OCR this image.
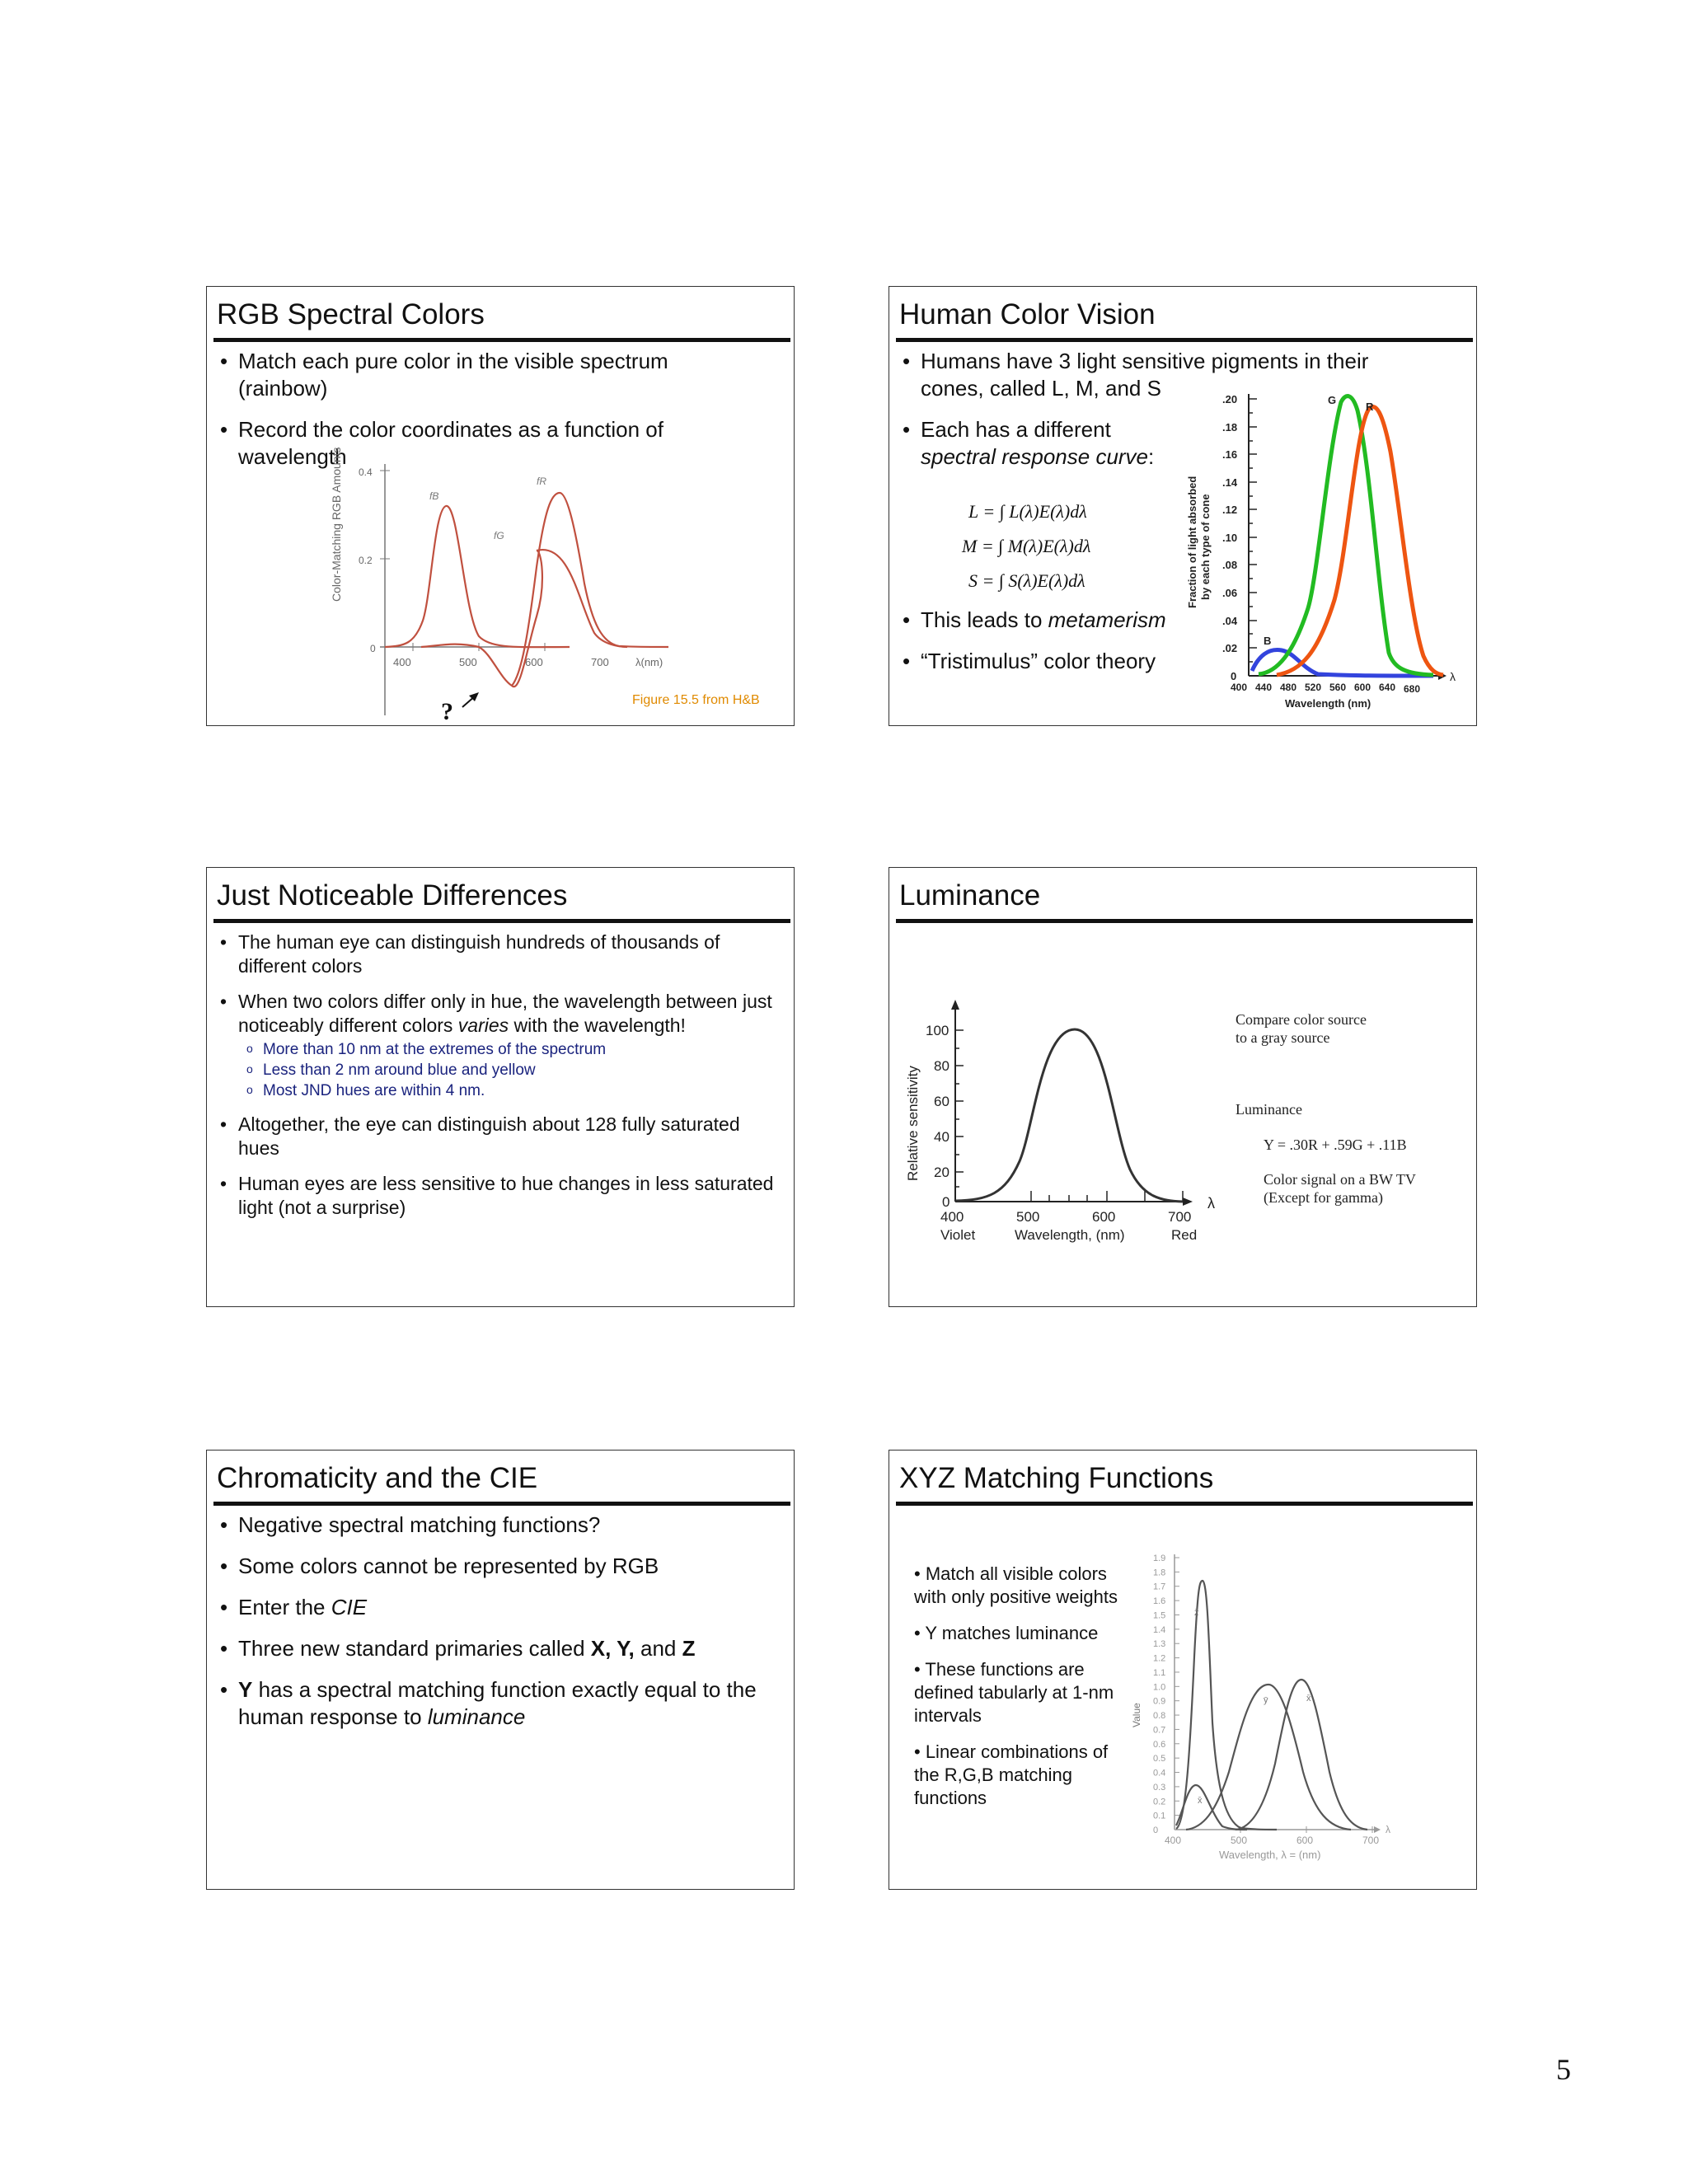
RGB Spectral Colors
• Match each pure color in the visible spectrum (rainbow)
• Record the color coordinates as a function of wavelength
0.4
0.2
0
400	500	600	700 λ(nm)
Color-Matching RGB Amounts	fB
fG
fR
?	Figure 15.5 from H&B
Human Color Vision
• Humans have 3 light sensitive pigments in their
cones, called L, M, and S
• Each has a different
spectral response curve:
L = ∫ L(λ)E(λ)dλ
M = ∫ M(λ)E(λ)dλ
S = ∫ S(λ)E(λ)dλ
• This leads to metamerism
• “Tristimulus” color theory
.20
.18
.16
.14
.12
.10
.08
.06
.04
.02
0
400 440 480 520 560 600 640 680
Wavelength (nm)
λ
Fraction of light absorbed by each type of cone
G
R
B
Just Noticeable Differences
• The human eye can distinguish hundreds of thousands of different colors
• When two colors differ only in hue, the wavelength between just noticeably different colors varies with the wavelength!
o More than 10 nm at the extremes of the spectrum
o Less than 2 nm around blue and yellow
o Most JND hues are within 4 nm.
• Altogether, the eye can distinguish about 128 fully saturated hues
• Human eyes are less sensitive to hue changes in less saturated light (not a surprise)
Luminance
100
80
60
40
20
0
400	500	600	700
Violet	Wavelength, (nm)	Red
λ
Relative sensitivity
Compare color source
to a gray source
Luminance
Y = .30R + .59G + .11B
Color signal on a BW TV
(Except for gamma)
Chromaticity and the CIE
• Negative spectral matching functions?
• Some colors cannot be represented by RGB
• Enter the CIE
• Three new standard primaries called X, Y, and Z
• Y has a spectral matching function exactly equal to the human response to luminance
XYZ Matching Functions
• Match all visible colors with only positive weights
• Y matches luminance
• These functions are defined tabularly at 1-nm intervals
• Linear combinations of the R,G,B matching functions
1.9
1.8
1.7
1.6
1.5
1.4
1.3
1.2
1.1
1.0
0.9
0.8
0.7
0.6
0.5
0.4
0.3
0.2
0.1
0
400	500	600	700
Wavelength, λ = (nm)
λ
Value
z̄
ȳ	x̄
x̄
5
